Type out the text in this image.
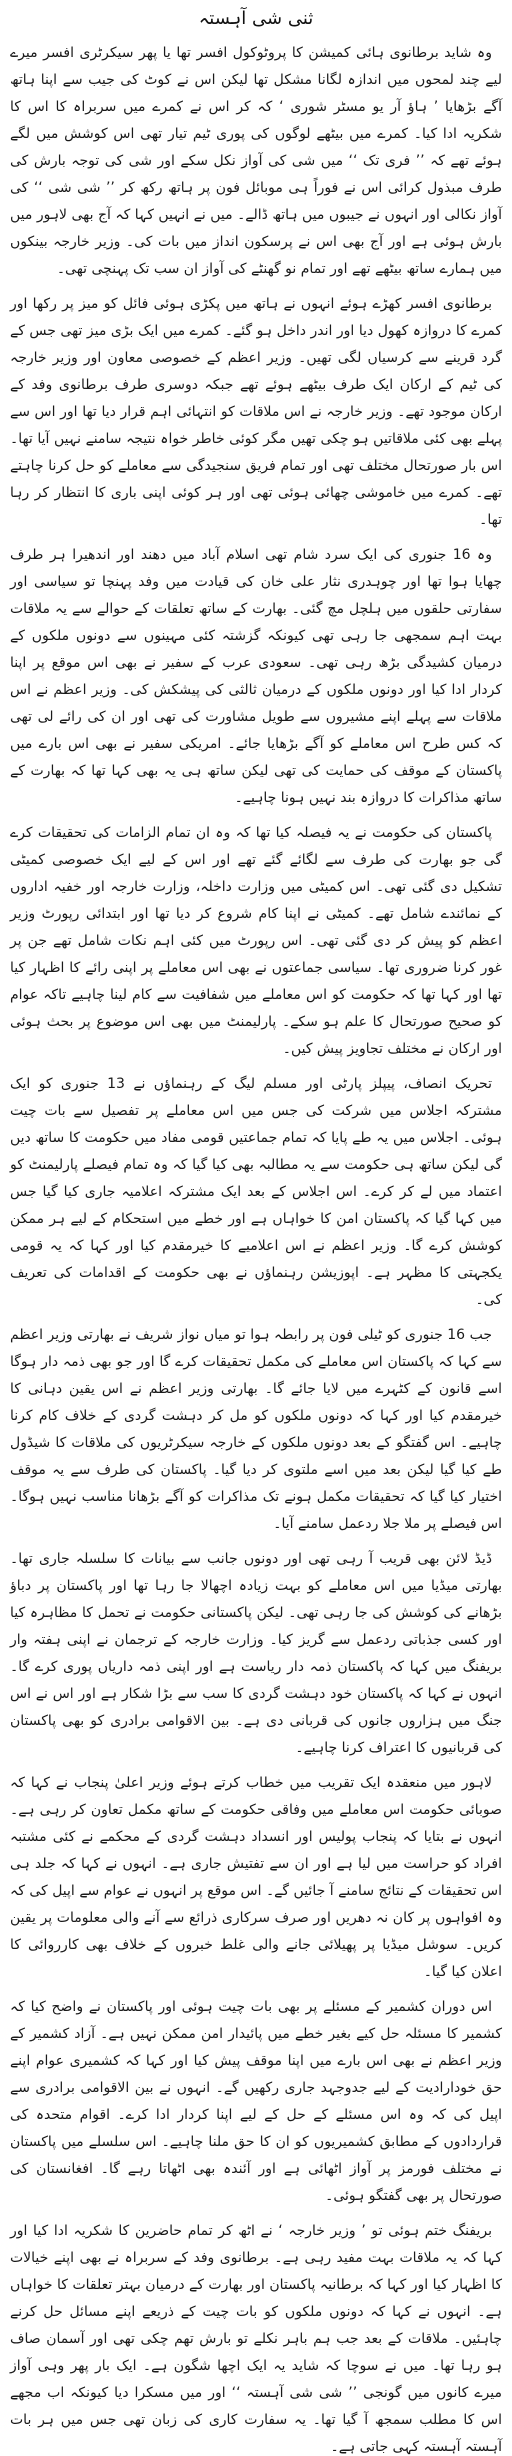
ثنی شی آہستہ

وہ شاید برطانوی ہائی کمیشن کا پروٹوکول افسر تھا یا پھر سیکرٹری افسر میرے لیے چند لمحوں میں اندازہ لگانا مشکل تھا لیکن اس نے کوٹ کی جیب سے اپنا ہاتھ آگے بڑھایا ’ ہاؤ آر یو مسٹر شوری ‘ کہ کر اس نے کمرے میں سربراہ کا اس کا شکریہ ادا کیا۔ کمرے میں بیٹھے لوگوں کی پوری ٹیم تیار تھی اس کوشش میں لگے ہوئے تھے کہ ’’ فری تک ‘‘ میں شی کی آواز نکل سکے اور شی کی توجہ بارش کی طرف مبذول کرائی اس نے فوراً ہی موبائل فون پر ہاتھ رکھ کر ’’ شی شی ‘‘ کی آواز نکالی اور انہوں نے جیبوں میں ہاتھ ڈالے۔ میں نے انہیں کہا کہ آج بھی لاہور میں بارش ہوئی ہے اور آج بھی اس نے پرسکون انداز میں بات کی۔ وزیر خارجہ بینکوں میں ہمارے ساتھ بیٹھے تھے اور تمام نو گھنٹے کی آواز ان سب تک پہنچی تھی۔

برطانوی افسر کھڑے ہوئے انہوں نے ہاتھ میں پکڑی ہوئی فائل کو میز پر رکھا اور کمرے کا دروازہ کھول دیا اور اندر داخل ہو گئے۔ کمرے میں ایک بڑی میز تھی جس کے گرد قرینے سے کرسیاں لگی تھیں۔ وزیر اعظم کے خصوصی معاون اور وزیر خارجہ کی ٹیم کے ارکان ایک طرف بیٹھے ہوئے تھے جبکہ دوسری طرف برطانوی وفد کے ارکان موجود تھے۔ وزیر خارجہ نے اس ملاقات کو انتہائی اہم قرار دیا تھا اور اس سے پہلے بھی کئی ملاقاتیں ہو چکی تھیں مگر کوئی خاطر خواہ نتیجہ سامنے نہیں آیا تھا۔ اس بار صورتحال مختلف تھی اور تمام فریق سنجیدگی سے معاملے کو حل کرنا چاہتے تھے۔ کمرے میں خاموشی چھائی ہوئی تھی اور ہر کوئی اپنی باری کا انتظار کر رہا تھا۔

وہ 16 جنوری کی ایک سرد شام تھی اسلام آباد میں دھند اور اندھیرا ہر طرف چھایا ہوا تھا اور چوہدری نثار علی خان کی قیادت میں وفد پہنچا تو سیاسی اور سفارتی حلقوں میں ہلچل مچ گئی۔ بھارت کے ساتھ تعلقات کے حوالے سے یہ ملاقات بہت اہم سمجھی جا رہی تھی کیونکہ گزشتہ کئی مہینوں سے دونوں ملکوں کے درمیان کشیدگی بڑھ رہی تھی۔ سعودی عرب کے سفیر نے بھی اس موقع پر اپنا کردار ادا کیا اور دونوں ملکوں کے درمیان ثالثی کی پیشکش کی۔ وزیر اعظم نے اس ملاقات سے پہلے اپنے مشیروں سے طویل مشاورت کی تھی اور ان کی رائے لی تھی کہ کس طرح اس معاملے کو آگے بڑھایا جائے۔ امریکی سفیر نے بھی اس بارے میں پاکستان کے موقف کی حمایت کی تھی لیکن ساتھ ہی یہ بھی کہا تھا کہ بھارت کے ساتھ مذاکرات کا دروازہ بند نہیں ہونا چاہیے۔

پاکستان کی حکومت نے یہ فیصلہ کیا تھا کہ وہ ان تمام الزامات کی تحقیقات کرے گی جو بھارت کی طرف سے لگائے گئے تھے اور اس کے لیے ایک خصوصی کمیٹی تشکیل دی گئی تھی۔ اس کمیٹی میں وزارت داخلہ، وزارت خارجہ اور خفیہ اداروں کے نمائندے شامل تھے۔ کمیٹی نے اپنا کام شروع کر دیا تھا اور ابتدائی رپورٹ وزیر اعظم کو پیش کر دی گئی تھی۔ اس رپورٹ میں کئی اہم نکات شامل تھے جن پر غور کرنا ضروری تھا۔ سیاسی جماعتوں نے بھی اس معاملے پر اپنی رائے کا اظہار کیا تھا اور کہا تھا کہ حکومت کو اس معاملے میں شفافیت سے کام لینا چاہیے تاکہ عوام کو صحیح صورتحال کا علم ہو سکے۔ پارلیمنٹ میں بھی اس موضوع پر بحث ہوئی اور ارکان نے مختلف تجاویز پیش کیں۔

تحریک انصاف، پیپلز پارٹی اور مسلم لیگ کے رہنماؤں نے 13 جنوری کو ایک مشترکہ اجلاس میں شرکت کی جس میں اس معاملے پر تفصیل سے بات چیت ہوئی۔ اجلاس میں یہ طے پایا کہ تمام جماعتیں قومی مفاد میں حکومت کا ساتھ دیں گی لیکن ساتھ ہی حکومت سے یہ مطالبہ بھی کیا گیا کہ وہ تمام فیصلے پارلیمنٹ کو اعتماد میں لے کر کرے۔ اس اجلاس کے بعد ایک مشترکہ اعلامیہ جاری کیا گیا جس میں کہا گیا کہ پاکستان امن کا خواہاں ہے اور خطے میں استحکام کے لیے ہر ممکن کوشش کرے گا۔ وزیر اعظم نے اس اعلامیے کا خیرمقدم کیا اور کہا کہ یہ قومی یکجہتی کا مظہر ہے۔ اپوزیشن رہنماؤں نے بھی حکومت کے اقدامات کی تعریف کی۔

جب 16 جنوری کو ٹیلی فون پر رابطہ ہوا تو میاں نواز شریف نے بھارتی وزیر اعظم سے کہا کہ پاکستان اس معاملے کی مکمل تحقیقات کرے گا اور جو بھی ذمہ دار ہوگا اسے قانون کے کٹہرے میں لایا جائے گا۔ بھارتی وزیر اعظم نے اس یقین دہانی کا خیرمقدم کیا اور کہا کہ دونوں ملکوں کو مل کر دہشت گردی کے خلاف کام کرنا چاہیے۔ اس گفتگو کے بعد دونوں ملکوں کے خارجہ سیکرٹریوں کی ملاقات کا شیڈول طے کیا گیا لیکن بعد میں اسے ملتوی کر دیا گیا۔ پاکستان کی طرف سے یہ موقف اختیار کیا گیا کہ تحقیقات مکمل ہونے تک مذاکرات کو آگے بڑھانا مناسب نہیں ہوگا۔ اس فیصلے پر ملا جلا ردعمل سامنے آیا۔

ڈیڈ لائن بھی قریب آ رہی تھی اور دونوں جانب سے بیانات کا سلسلہ جاری تھا۔ بھارتی میڈیا میں اس معاملے کو بہت زیادہ اچھالا جا رہا تھا اور پاکستان پر دباؤ بڑھانے کی کوشش کی جا رہی تھی۔ لیکن پاکستانی حکومت نے تحمل کا مظاہرہ کیا اور کسی جذباتی ردعمل سے گریز کیا۔ وزارت خارجہ کے ترجمان نے اپنی ہفتہ وار بریفنگ میں کہا کہ پاکستان ذمہ دار ریاست ہے اور اپنی ذمہ داریاں پوری کرے گا۔ انہوں نے کہا کہ پاکستان خود دہشت گردی کا سب سے بڑا شکار ہے اور اس نے اس جنگ میں ہزاروں جانوں کی قربانی دی ہے۔ بین الاقوامی برادری کو بھی پاکستان کی قربانیوں کا اعتراف کرنا چاہیے۔

لاہور میں منعقدہ ایک تقریب میں خطاب کرتے ہوئے وزیر اعلیٰ پنجاب نے کہا کہ صوبائی حکومت اس معاملے میں وفاقی حکومت کے ساتھ مکمل تعاون کر رہی ہے۔ انہوں نے بتایا کہ پنجاب پولیس اور انسداد دہشت گردی کے محکمے نے کئی مشتبہ افراد کو حراست میں لیا ہے اور ان سے تفتیش جاری ہے۔ انہوں نے کہا کہ جلد ہی اس تحقیقات کے نتائج سامنے آ جائیں گے۔ اس موقع پر انہوں نے عوام سے اپیل کی کہ وہ افواہوں پر کان نہ دھریں اور صرف سرکاری ذرائع سے آنے والی معلومات پر یقین کریں۔ سوشل میڈیا پر پھیلائی جانے والی غلط خبروں کے خلاف بھی کارروائی کا اعلان کیا گیا۔

اس دوران کشمیر کے مسئلے پر بھی بات چیت ہوئی اور پاکستان نے واضح کیا کہ کشمیر کا مسئلہ حل کیے بغیر خطے میں پائیدار امن ممکن نہیں ہے۔ آزاد کشمیر کے وزیر اعظم نے بھی اس بارے میں اپنا موقف پیش کیا اور کہا کہ کشمیری عوام اپنے حق خودارادیت کے لیے جدوجہد جاری رکھیں گے۔ انہوں نے بین الاقوامی برادری سے اپیل کی کہ وہ اس مسئلے کے حل کے لیے اپنا کردار ادا کرے۔ اقوام متحدہ کی قراردادوں کے مطابق کشمیریوں کو ان کا حق ملنا چاہیے۔ اس سلسلے میں پاکستان نے مختلف فورمز پر آواز اٹھائی ہے اور آئندہ بھی اٹھاتا رہے گا۔ افغانستان کی صورتحال پر بھی گفتگو ہوئی۔

بریفنگ ختم ہوئی تو ’ وزیر خارجہ ‘ نے اٹھ کر تمام حاضرین کا شکریہ ادا کیا اور کہا کہ یہ ملاقات بہت مفید رہی ہے۔ برطانوی وفد کے سربراہ نے بھی اپنے خیالات کا اظہار کیا اور کہا کہ برطانیہ پاکستان اور بھارت کے درمیان بہتر تعلقات کا خواہاں ہے۔ انہوں نے کہا کہ دونوں ملکوں کو بات چیت کے ذریعے اپنے مسائل حل کرنے چاہئیں۔ ملاقات کے بعد جب ہم باہر نکلے تو بارش تھم چکی تھی اور آسمان صاف ہو رہا تھا۔ میں نے سوچا کہ شاید یہ ایک اچھا شگون ہے۔ ایک بار پھر وہی آواز میرے کانوں میں گونجی ’’ شی شی آہستہ ‘‘ اور میں مسکرا دیا کیونکہ اب مجھے اس کا مطلب سمجھ آ گیا تھا۔ یہ سفارت کاری کی زبان تھی جس میں ہر بات آہستہ آہستہ کہی جاتی ہے۔
